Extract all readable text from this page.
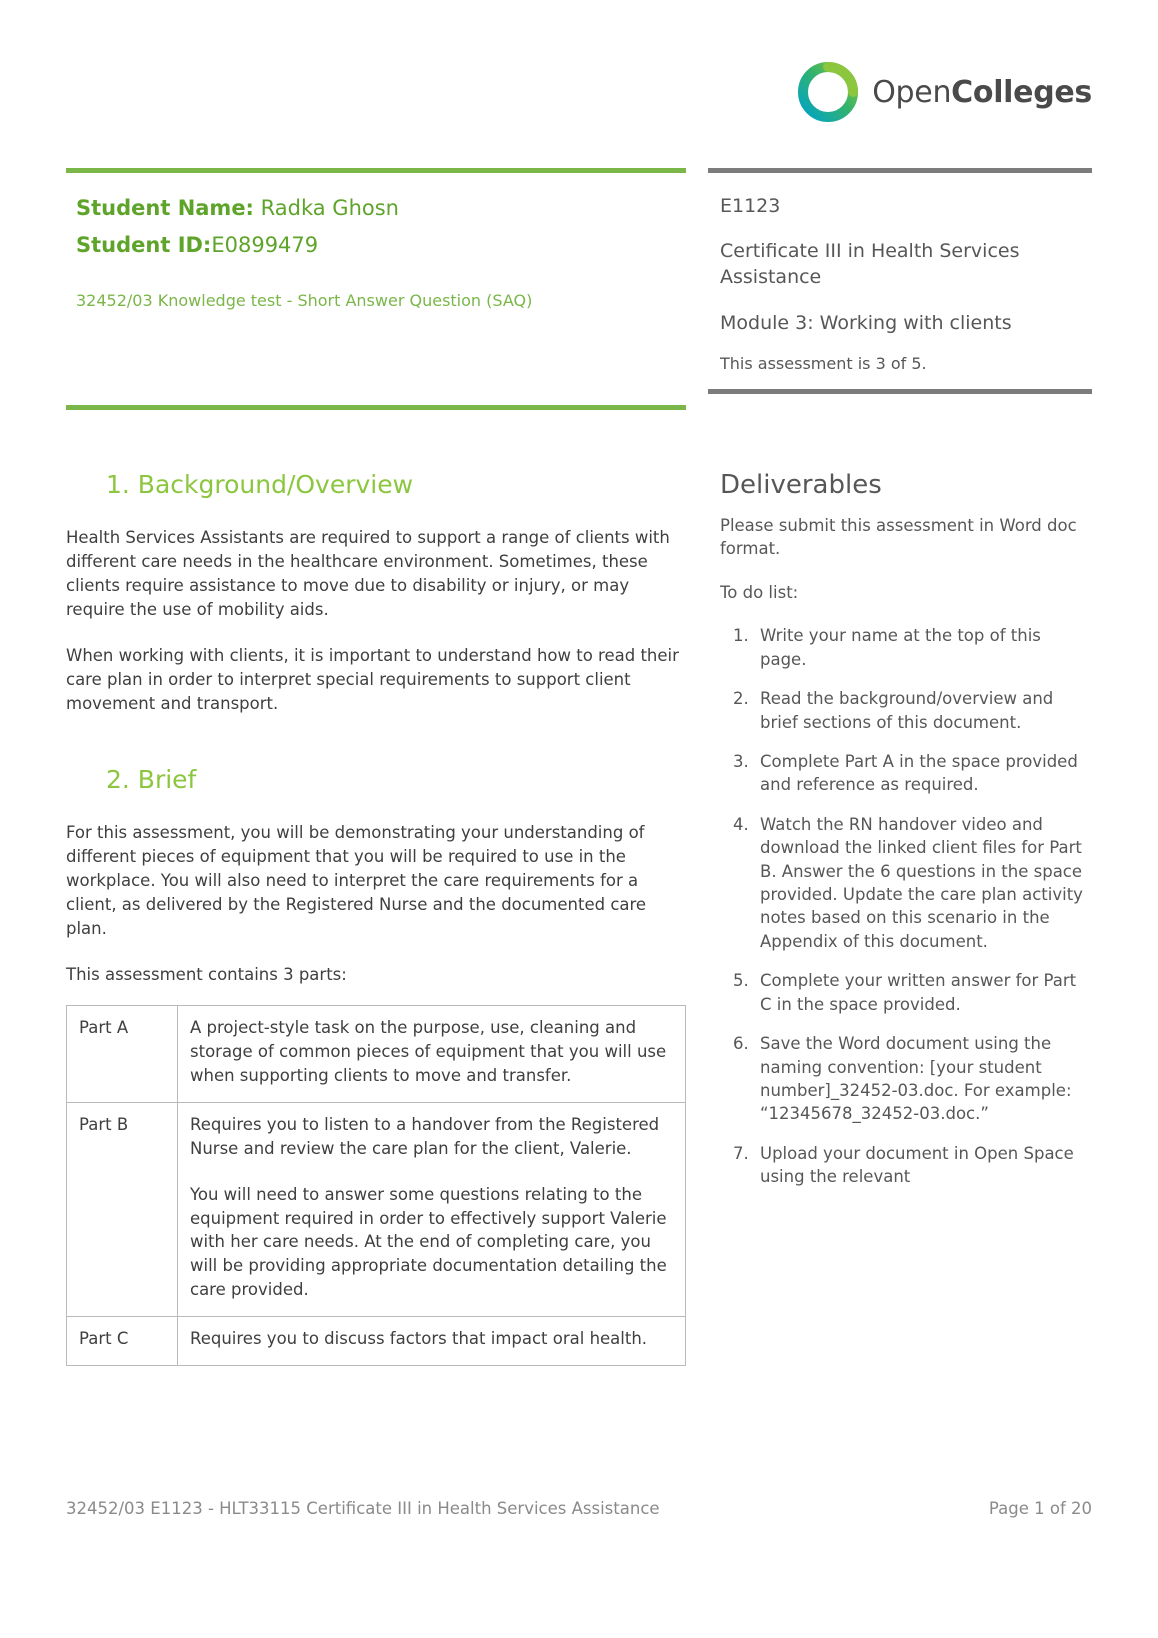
OpenColleges

Student Name: Radka Ghosn

Student ID:E0899479

32452/03 Knowledge test - Short Answer Question (SAQ)

E1123
Certificate III in Health Services Assistance
Module 3: Working with clients
This assessment is 3 of 5.
1. Background/Overview

Health Services Assistants are required to support a range of clients with different care needs in the healthcare environment. Sometimes, these clients require assistance to move due to disability or injury, or may require the use of mobility aids.

When working with clients, it is important to understand how to read their care plan in order to interpret special requirements to support client movement and transport.

2. Brief

For this assessment, you will be demonstrating your understanding of different pieces of equipment that you will be required to use in the workplace. You will also need to interpret the care requirements for a client, as delivered by the Registered Nurse and the documented care plan.

This assessment contains 3 parts:

Part A	A project-style task on the purpose, use, cleaning and storage of common pieces of equipment that you will use when supporting clients to move and transfer.

Part B	Requires you to listen to a handover from the Registered Nurse and review the care plan for the client, Valerie.

You will need to answer some questions relating to the equipment required in order to effectively support Valerie with her care needs. At the end of completing care, you will be providing appropriate documentation detailing the care provided.

Part C	Requires you to discuss factors that impact oral health.

Deliverables

Please submit this assessment in Word doc format.

To do list:

1. Write your name at the top of this page.
2. Read the background/overview and brief sections of this document.
3. Complete Part A in the space provided and reference as required.
4. Watch the RN handover video and download the linked client files for Part B. Answer the 6 questions in the space provided. Update the care plan activity notes based on this scenario in the Appendix of this document.
5. Complete your written answer for Part C in the space provided.
6. Save the Word document using the naming convention: [your student number]_32452-03.doc. For example: “12345678_32452-03.doc.”
7. Upload your document in Open Space using the relevant
32452/03 E1123 - HLT33115 Certificate III in Health Services Assistance	Page 1 of 20
